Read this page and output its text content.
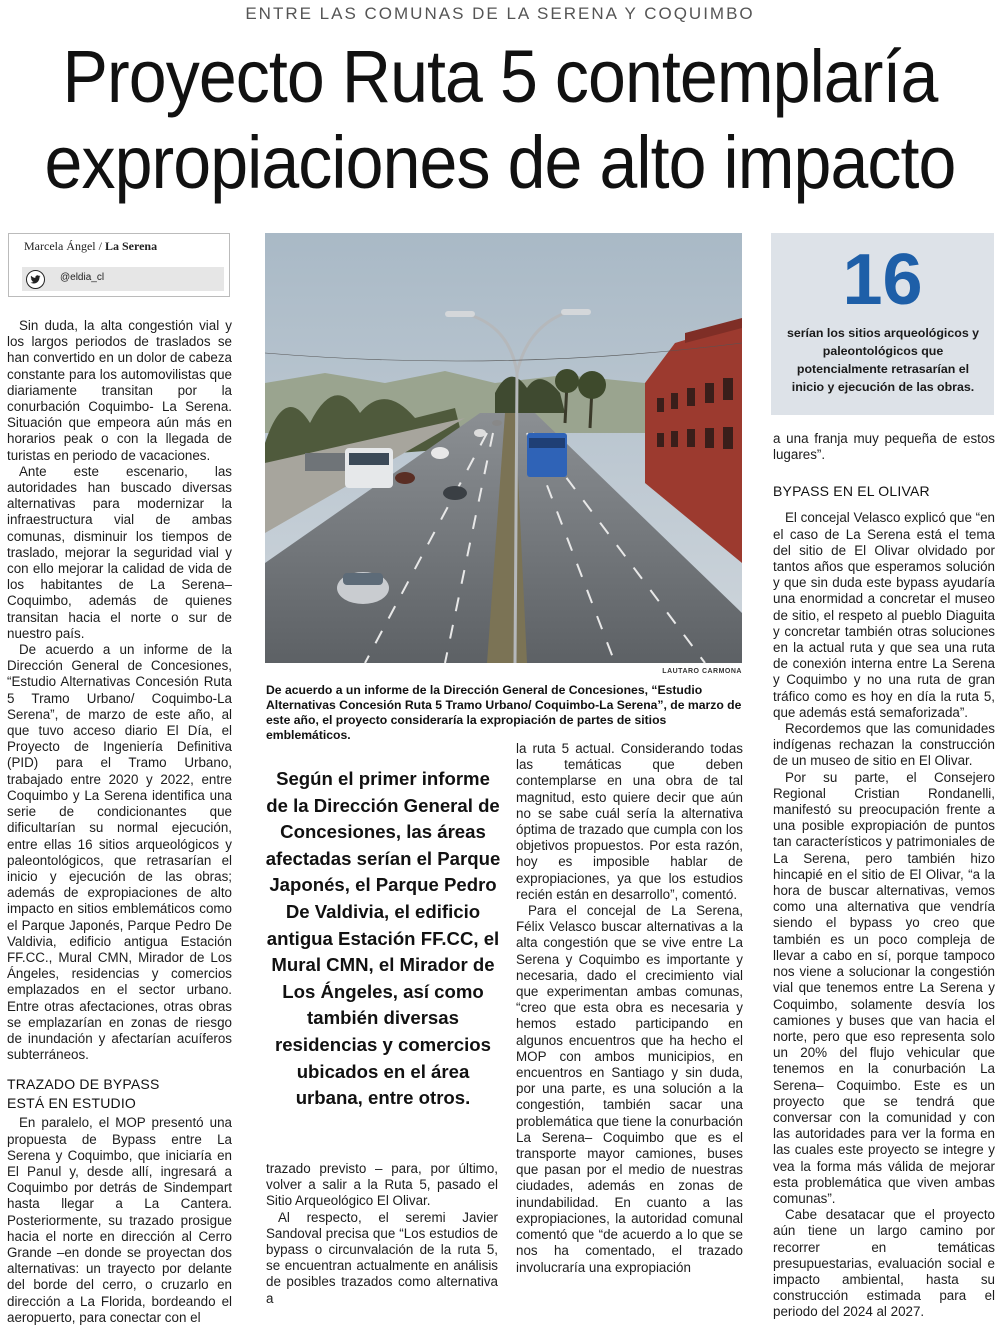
ENTRE LAS COMUNAS DE LA SERENA Y COQUIMBO
Proyecto Ruta 5 contemplaría
expropiaciones de alto impacto
Marcela Ángel / La Serena
@eldia_cl

Sin duda, la alta congestión vial y los largos periodos de traslados se han convertido en un dolor de cabeza constante para los automovilistas que diariamente transitan por la conurbación Coquimbo- La Serena. Situación que empeora aún más en horarios peak o con la llegada de turistas en periodo de vacaciones.

Ante este escenario, las autoridades han buscado diversas alternativas para modernizar la infraestructura vial de ambas comunas, disminuir los tiempos de traslado, mejorar la seguridad vial y con ello mejorar la calidad de vida de los habitantes de La Serena– Coquimbo, además de quienes transitan hacia el norte o sur de nuestro país.

De acuerdo a un informe de la Dirección General de Concesiones, “Estudio Alternativas Concesión Ruta 5 Tramo Urbano/ Coquimbo-La Serena”, de marzo de este año, al que tuvo acceso diario El Día, el Proyecto de Ingeniería Definitiva (PID) para el Tramo Urbano, trabajado entre 2020 y 2022, entre Coquimbo y La Serena identifica una serie de condicionantes que dificultarían su normal ejecución, entre ellas 16 sitios arqueológicos y paleontológicos, que retrasarían el inicio y ejecución de las obras; además de expropiaciones de alto impacto en sitios emblemáticos como el Parque Japonés, Parque Pedro De Valdivia, edificio antigua Estación FF.CC., Mural CMN, Mirador de Los Ángeles, residencias y comercios emplazados en el sector urbano. Entre otras afectaciones, otras obras se emplazarían en zonas de riesgo de inundación y afectarían acuíferos subterráneos.

TRAZADO DE BYPASS
ESTÁ EN ESTUDIO

En paralelo, el MOP presentó una propuesta de Bypass entre La Serena y Coquimbo, que iniciaría en El Panul y, desde allí, ingresará a Coquimbo por detrás de Sindempart hasta llegar a La Cantera. Posteriormente, su trazado prosigue hacia el norte en dirección al Cerro Grande –en donde se proyectan dos alternativas: un trayecto por delante del borde del cerro, o cruzarlo en dirección a La Florida, bordeando el aeropuerto, para conectar con el

LAUTARO CARMONA
De acuerdo a un informe de la Dirección General de Concesiones, “Estudio Alternativas Concesión Ruta 5 Tramo Urbano/ Coquimbo-La Serena”, de marzo de este año, el proyecto consideraría la expropiación de partes de sitios emblemáticos.
16
serían los sitios arqueológicos y paleontológicos que potencialmente retrasarían el inicio y ejecución de las obras.
Según el primer informe de la Dirección General de Concesiones, las áreas afectadas serían el Parque Japonés, el Parque Pedro De Valdivia, el edificio antigua Estación FF.CC, el Mural CMN, el Mirador de Los Ángeles, así como también diversas residencias y comercios ubicados en el área urbana, entre otros.

trazado previsto – para, por último, volver a salir a la Ruta 5, pasado el Sitio Arqueológico El Olivar.

Al respecto, el seremi Javier Sandoval precisa que “Los estudios de bypass o circunvalación de la ruta 5, se encuentran actualmente en análisis de posibles trazados como alternativa a

la ruta 5 actual. Considerando todas las temáticas que deben contemplarse en una obra de tal magnitud, esto quiere decir que aún no se sabe cuál sería la alternativa óptima de trazado que cumpla con los objetivos propuestos. Por esta razón, hoy es imposible hablar de expropiaciones, ya que los estudios recién están en desarrollo”, comentó.

Para el concejal de La Serena, Félix Velasco buscar alternativas a la alta congestión que se vive entre La Serena y Coquimbo es importante y necesaria, dado el crecimiento vial que experimentan ambas comunas, “creo que esta obra es necesaria y hemos estado participando en algunos encuentros que ha hecho el MOP con ambos municipios, en encuentros en Santiago y sin duda, por una parte, es una solución a la congestión, también sacar una problemática que tiene la conurbación La Serena– Coquimbo que es el transporte mayor camiones, buses que pasan por el medio de nuestras ciudades, además en zonas de inundabilidad. En cuanto a las expropiaciones, la autoridad comunal comentó que “de acuerdo a lo que se nos ha comentado, el trazado involucraría una expropiación

a una franja muy pequeña de estos lugares”.

BYPASS EN EL OLIVAR

El concejal Velasco explicó que “en el caso de La Serena está el tema del sitio de El Olivar olvidado por tantos años que esperamos solución y que sin duda este bypass ayudaría una enormidad a concretar el museo de sitio, el respeto al pueblo Diaguita y concretar también otras soluciones en la actual ruta y que sea una ruta de conexión interna entre La Serena y Coquimbo y no una ruta de gran tráfico como es hoy en día la ruta 5, que además está semaforizada”.

Recordemos que las comunidades indígenas rechazan la construcción de un museo de sitio en El Olivar.

Por su parte, el Consejero Regional Cristian Rondanelli, manifestó su preocupación frente a una posible expropiación de puntos tan característicos y patrimoniales de La Serena, pero también hizo hincapié en el sitio de El Olivar, “a la hora de buscar alternativas, vemos como una alternativa que vendría siendo el bypass yo creo que también es un poco compleja de llevar a cabo en sí, porque tampoco nos viene a solucionar la congestión vial que tenemos entre La Serena y Coquimbo, solamente desvía los camiones y buses que van hacia el norte, pero que eso representa solo un 20% del flujo vehicular que tenemos en la conurbación La Serena– Coquimbo. Este es un proyecto que se tendrá que conversar con la comunidad y con las autoridades para ver la forma en las cuales este proyecto se integre y vea la forma más válida de mejorar esta problemática que viven ambas comunas”.

Cabe desatacar que el proyecto aún tiene un largo camino por recorrer en temáticas presupuestarias, evaluación social e impacto ambiental, hasta su construcción estimada para el periodo del 2024 al 2027.
